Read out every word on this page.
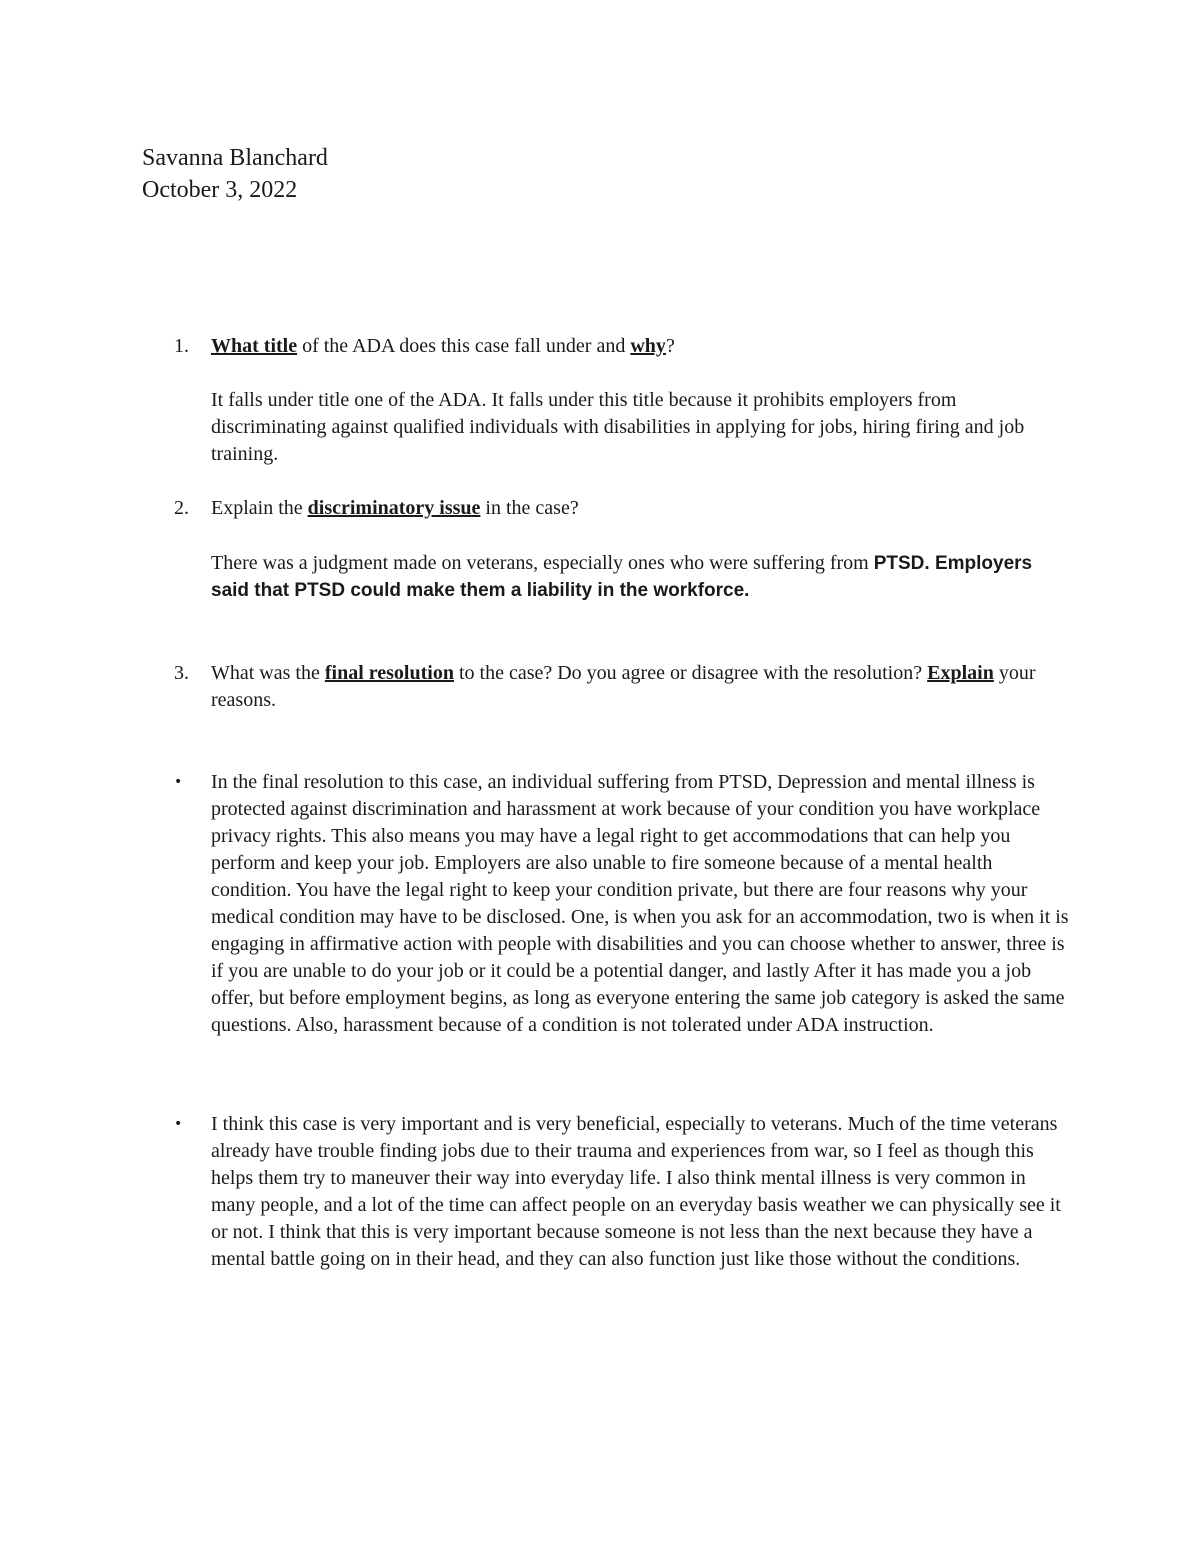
Savanna Blanchard
October 3, 2022
1. What title of the ADA does this case fall under and why?
It falls under title one of the ADA. It falls under this title because it prohibits employers from discriminating against qualified individuals with disabilities in applying for jobs, hiring firing and job training.
2. Explain the discriminatory issue in the case?
There was a judgment made on veterans, especially ones who were suffering from PTSD. Employers said that PTSD could make them a liability in the workforce.
3. What was the final resolution to the case? Do you agree or disagree with the resolution? Explain your reasons.
• In the final resolution to this case, an individual suffering from PTSD, Depression and mental illness is protected against discrimination and harassment at work because of your condition you have workplace privacy rights. This also means you may have a legal right to get accommodations that can help you perform and keep your job. Employers are also unable to fire someone because of a mental health condition. You have the legal right to keep your condition private, but there are four reasons why your medical condition may have to be disclosed. One, is when you ask for an accommodation, two is when it is engaging in affirmative action with people with disabilities and you can choose whether to answer, three is if you are unable to do your job or it could be a potential danger, and lastly After it has made you a job offer, but before employment begins, as long as everyone entering the same job category is asked the same questions. Also, harassment because of a condition is not tolerated under ADA instruction.
• I think this case is very important and is very beneficial, especially to veterans. Much of the time veterans already have trouble finding jobs due to their trauma and experiences from war, so I feel as though this helps them try to maneuver their way into everyday life. I also think mental illness is very common in many people, and a lot of the time can affect people on an everyday basis weather we can physically see it or not. I think that this is very important because someone is not less than the next because they have a mental battle going on in their head, and they can also function just like those without the conditions.
